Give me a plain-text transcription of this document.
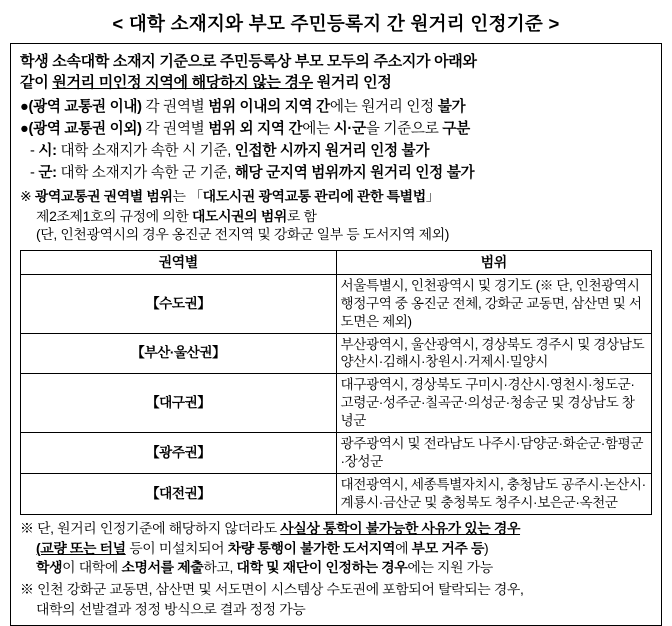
< 대학 소재지와 부모 주민등록지 간 원거리 인정기준 >
학생 소속대학 소재지 기준으로 주민등록상 부모 모두의 주소지가 아래와
같이 원거리 미인정 지역에 해당하지 않는 경우 원거리 인정
●(광역 교통권 이내) 각 권역별 범위 이내의 지역 간에는 원거리 인정 불가
●(광역 교통권 이외) 각 권역별 범위 외 지역 간에는 시·군을 기준으로 구분
- 시: 대학 소재지가 속한 시 기준, 인접한 시까지 원거리 인정 불가
- 군: 대학 소재지가 속한 군 기준, 해당 군지역 범위까지 원거리 인정 불가
※ 광역교통권 권역별 범위는 「대도시권 광역교통 관리에 관한 특별법」
제2조제1호의 규정에 의한 대도시권의 범위로 함
(단, 인천광역시의 경우 옹진군 전지역 및 강화군 일부 등 도서지역 제외)
권역별	범위
【수도권】	서울특별시, 인천광역시 및 경기도 (※ 단, 인천광역시 행정구역 중 옹진군 전체, 강화군 교동면, 삼산면 및 서도면은 제외)
【부산·울산권】	부산광역시, 울산광역시, 경상북도 경주시 및 경상남도 양산시·김해시·창원시·거제시·밀양시
【대구권】	대구광역시, 경상북도 구미시·경산시·영천시·청도군·고령군·성주군·칠곡군·의성군·청송군 및 경상남도 창녕군
【광주권】	광주광역시 및 전라남도 나주시·담양군·화순군·함평군·장성군
【대전권】	대전광역시, 세종특별자치시, 충청남도 공주시·논산시·계룡시·금산군 및 충청북도 청주시·보은군·옥천군
※ 단, 원거리 인정기준에 해당하지 않더라도 사실상 통학이 불가능한 사유가 있는 경우
(교량 또는 터널 등이 미설치되어 차량 통행이 불가한 도서지역에 부모 거주 등)
학생이 대학에 소명서를 제출하고, 대학 및 재단이 인정하는 경우에는 지원 가능
※ 인천 강화군 교동면, 삼산면 및 서도면이 시스템상 수도권에 포함되어 탈락되는 경우,
대학의 선발결과 정정 방식으로 결과 정정 가능
